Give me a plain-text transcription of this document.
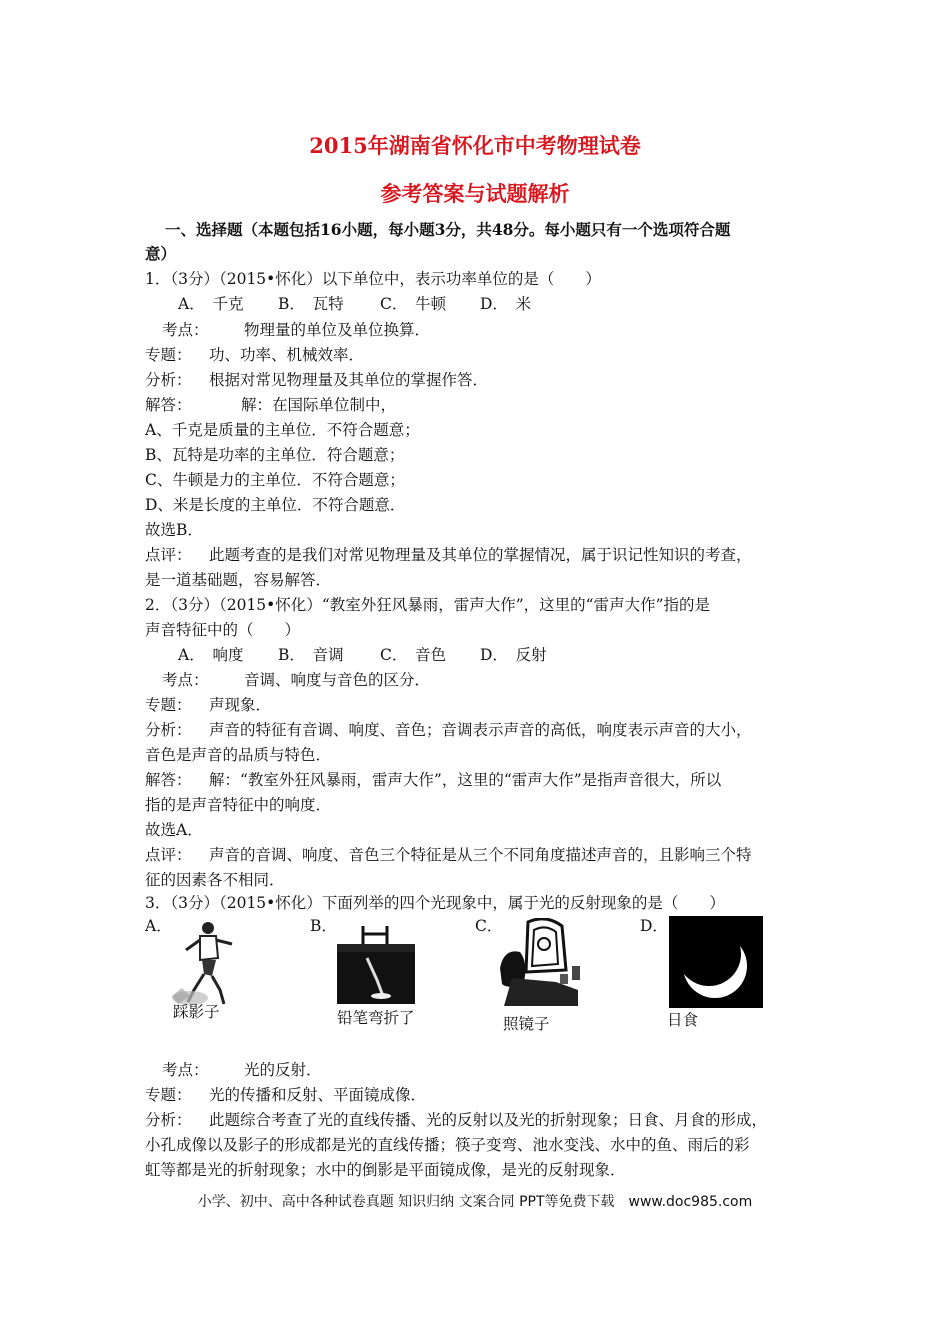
2015年湖南省怀化市中考物理试卷
参考答案与试题解析
一、选择题（本题包括16小题，每小题3分，共48分。每小题只有一个选项符合题
意）
1．（3分）（2015•怀化）以下单位中，表示功率单位的是（　　）
A．　千克 B．　瓦特 C．　牛顿 D．　米
考点： 物理量的单位及单位换算．
专题： 功、功率、机械效率．
分析： 根据对常见物理量及其单位的掌握作答．
解答：	解：在国际单位制中，
A、千克是质量的主单位．不符合题意；
B、瓦特是功率的主单位．符合题意；
C、牛顿是力的主单位．不符合题意；
D、米是长度的主单位．不符合题意．
故选B．
点评： 此题考查的是我们对常见物理量及其单位的掌握情况，属于识记性知识的考查，
是一道基础题，容易解答．
2．（3分）（2015•怀化）“教室外狂风暴雨，雷声大作”，这里的“雷声大作”指的是
声音特征中的（　　）
A．　响度 B．　音调 C．　音色 D．　反射
考点： 音调、响度与音色的区分．
专题： 声现象．
分析： 声音的特征有音调、响度、音色；音调表示声音的高低，响度表示声音的大小，
音色是声音的品质与特色．
解答： 解：“教室外狂风暴雨，雷声大作”，这里的“雷声大作”是指声音很大，所以
指的是声音特征中的响度．
故选A．
点评： 声音的音调、响度、音色三个特征是从三个不同角度描述声音的，且影响三个特
征的因素各不相同．
3．（3分）（2015•怀化）下面列举的四个光现象中，属于光的反射现象的是（　　）
A．	B．	C．	D．
踩影子	铅笔弯折了	照镜子	日食
考点： 光的反射．
专题： 光的传播和反射、平面镜成像．
分析： 此题综合考查了光的直线传播、光的反射以及光的折射现象；日食、月食的形成，
小孔成像以及影子的形成都是光的直线传播；筷子变弯、池水变浅、水中的鱼、雨后的彩
虹等都是光的折射现象；水中的倒影是平面镜成像，是光的反射现象．
小学、初中、高中各种试卷真题 知识归纳 文案合同 PPT等免费下载　www.doc985.com
